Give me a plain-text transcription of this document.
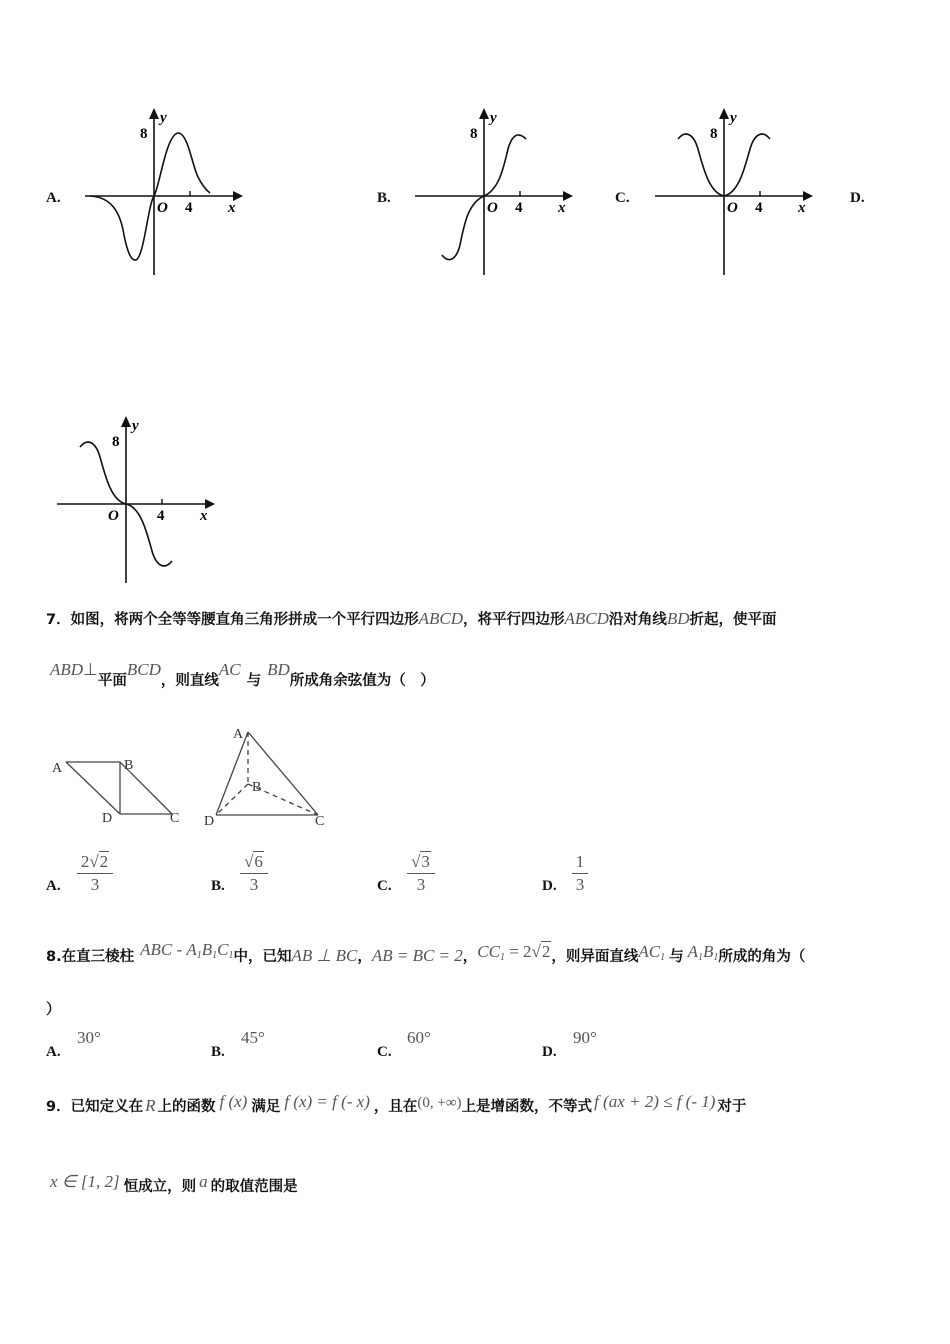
A.	B.	C.	D.
y
8
O 4 x
y
8
O 4 x
y
8
O 4 x
y
8
O	4 x
7．如图，将两个全等等腰直角三角形拼成一个平行四边形ABCD，将平行四边形ABCD沿对角线BD折起，使平面
ABD⊥平面BCD，则直线AC与BD所成角余弦值为（　）
A	B
D	C
A
B
D	C
A.
2√2
3	B.
√6
3	C.
√3
3	D.
1
3
8.在直三棱柱 ABC - $A_1B_1C_1$中，已知AB ⊥ BC，AB = BC = 2，$CC_1 = 2√2$，则异面直线$AC_1$ 与 $A_1B_1$所成的角为（
）
A.
30°
B.
45°
C.
60°
D.
90°
9．已知定义在 R 上的函数 f (x) 满足 f (x) = f (- x) ，且在(0, +∞)上是增函数，不等式 f (ax + 2) ≤ f (- 1) 对于
x ∈ [1, 2] 恒成立，则 a 的取值范围是
